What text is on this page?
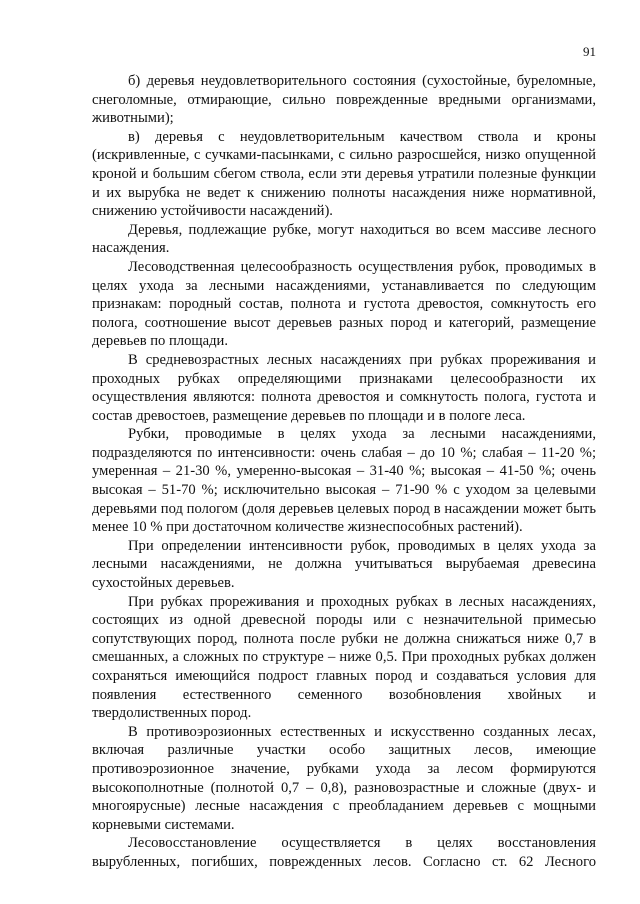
91

б) деревья неудовлетворительного состояния (сухостойные, буреломные, снеголомные, отмирающие, сильно поврежденные вредными организмами, животными);

в) деревья с неудовлетворительным качеством ствола и кроны (искривленные, с сучками-пасынками, с сильно разросшейся, низко опущенной кроной и большим сбегом ствола, если эти деревья утратили полезные функции и их вырубка не ведет к снижению полноты насаждения ниже нормативной, снижению устойчивости насаждений).

Деревья, подлежащие рубке, могут находиться во всем массиве лесного насаждения.

Лесоводственная целесообразность осуществления рубок, проводимых в целях ухода за лесными насаждениями, устанавливается по следующим признакам: породный состав, полнота и густота древостоя, сомкнутость его полога, соотношение высот деревьев разных пород и категорий, размещение деревьев по площади.

В средневозрастных лесных насаждениях при рубках прореживания и проходных рубках определяющими признаками целесообразности их осуществления являются: полнота древостоя и сомкнутость полога, густота и состав древостоев, размещение деревьев по площади и в пологе леса.

Рубки, проводимые в целях ухода за лесными насаждениями, подразделяются по интенсивности: очень слабая – до 10 %; слабая – 11-20 %; умеренная – 21-30 %, умеренно-высокая – 31-40 %; высокая – 41-50 %; очень высокая – 51-70 %; исключительно высокая – 71-90 % с уходом за целевыми деревьями под пологом (доля деревьев целевых пород в насаждении может быть менее 10 % при достаточном количестве жизнеспособных растений).

При определении интенсивности рубок, проводимых в целях ухода за лесными насаждениями, не должна учитываться вырубаемая древесина сухостойных деревьев.

При рубках прореживания и проходных рубках в лесных насаждениях, состоящих из одной древесной породы или с незначительной примесью сопутствующих пород, полнота после рубки не должна снижаться ниже 0,7 в смешанных, а сложных по структуре – ниже 0,5. При проходных рубках должен сохраняться имеющийся подрост главных пород и создаваться условия для появления естественного семенного возобновления хвойных и твердолиственных пород.

В противоэрозионных естественных и искусственно созданных лесах, включая различные участки особо защитных лесов, имеющие противоэрозионное значение, рубками ухода за лесом формируются высокополнотные (полнотой 0,7 – 0,8), разновозрастные и сложные (двух- и многоярусные) лесные насаждения с преобладанием деревьев с мощными корневыми системами.

Лесовосстановление осуществляется в целях восстановления вырубленных, погибших, поврежденных лесов. Согласно ст. 62 Лесного
